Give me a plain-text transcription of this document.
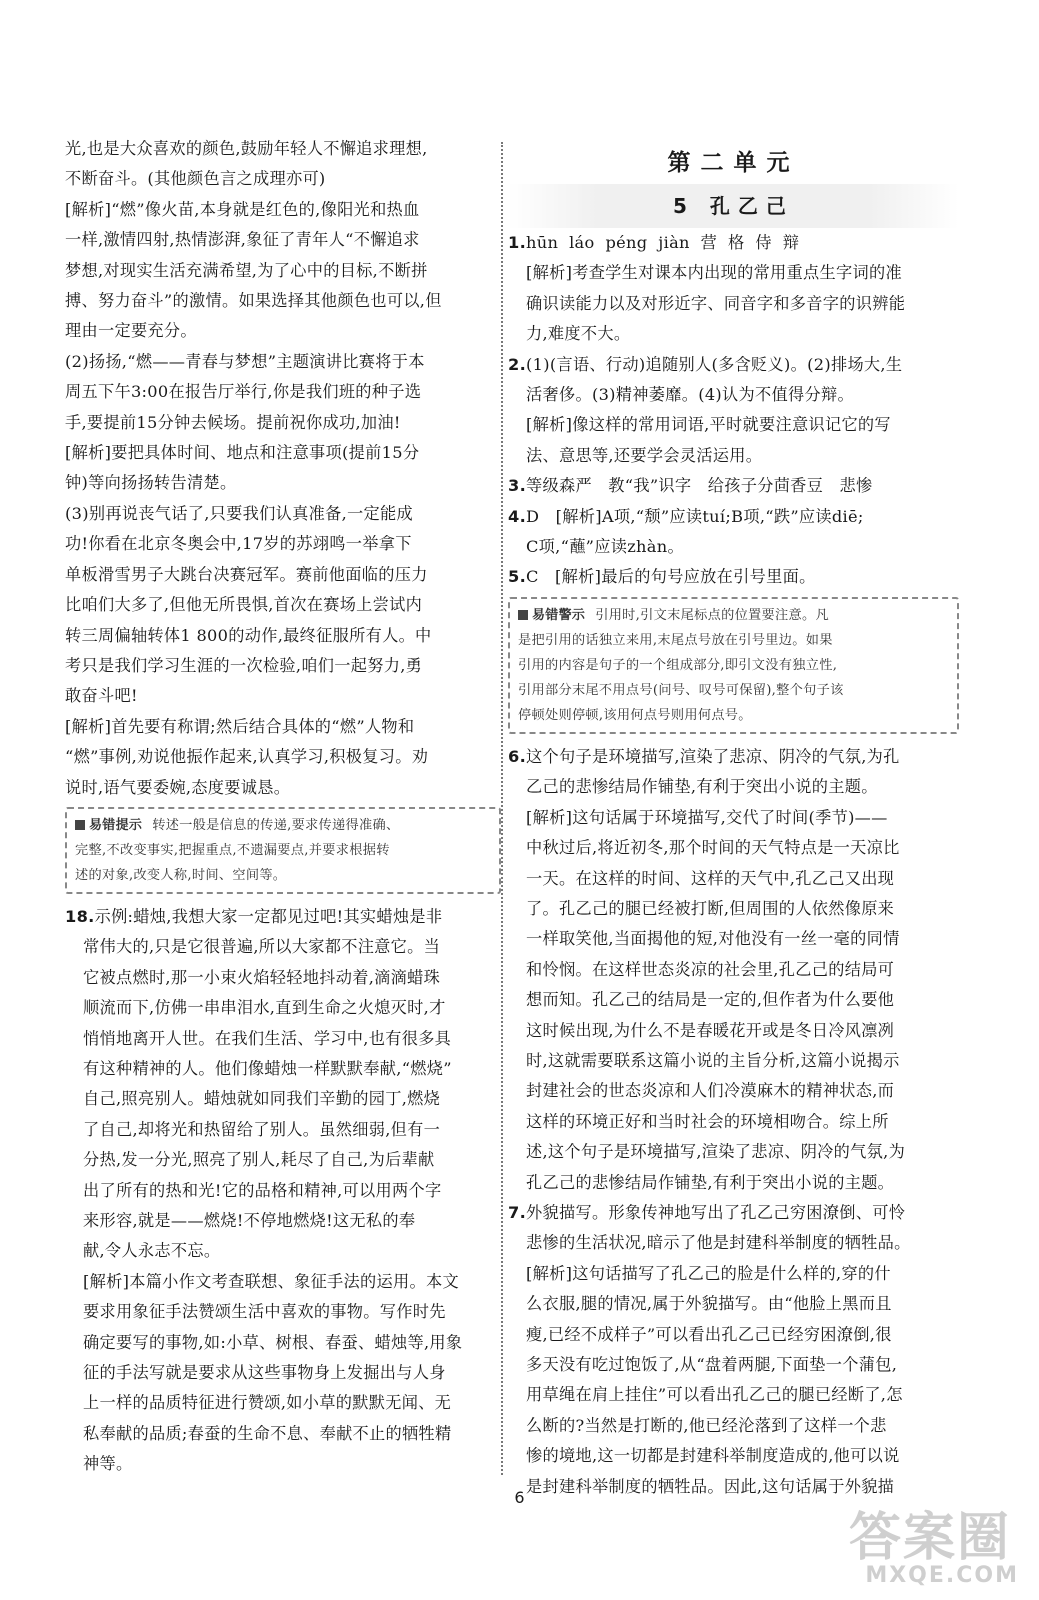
光,也是大众喜欢的颜色,鼓励年轻人不懈追求理想,

不断奋斗。(其他颜色言之成理亦可)

[解析]“燃”像火苗,本身就是红色的,像阳光和热血

一样,激情四射,热情澎湃,象征了青年人“不懈追求

梦想,对现实生活充满希望,为了心中的目标,不断拼

搏、努力奋斗”的激情。如果选择其他颜色也可以,但

理由一定要充分。

(2)扬扬,“燃——青春与梦想”主题演讲比赛将于本

周五下午3:00在报告厅举行,你是我们班的种子选

手,要提前15分钟去候场。提前祝你成功,加油!

[解析]要把具体时间、地点和注意事项(提前15分

钟)等向扬扬转告清楚。

(3)别再说丧气话了,只要我们认真准备,一定能成

功!你看在北京冬奥会中,17岁的苏翊鸣一举拿下

单板滑雪男子大跳台决赛冠军。赛前他面临的压力

比咱们大多了,但他无所畏惧,首次在赛场上尝试内

转三周偏轴转体1 800的动作,最终征服所有人。中

考只是我们学习生涯的一次检验,咱们一起努力,勇

敢奋斗吧!

[解析]首先要有称谓;然后结合具体的“燃”人物和

“燃”事例,劝说他振作起来,认真学习,积极复习。劝

说时,语气要委婉,态度要诚恳。

易错提示 转述一般是信息的传递,要求传递得准确、
完整,不改变事实,把握重点,不遗漏要点,并要求根据转
述的对象,改变人称,时间、空间等。

18.示例:蜡烛,我想大家一定都见过吧!其实蜡烛是非

常伟大的,只是它很普遍,所以大家都不注意它。当

它被点燃时,那一小束火焰轻轻地抖动着,滴滴蜡珠

顺流而下,仿佛一串串泪水,直到生命之火熄灭时,才

悄悄地离开人世。在我们生活、学习中,也有很多具

有这种精神的人。他们像蜡烛一样默默奉献,“燃烧”

自己,照亮别人。蜡烛就如同我们辛勤的园丁,燃烧

了自己,却将光和热留给了别人。虽然细弱,但有一

分热,发一分光,照亮了别人,耗尽了自己,为后辈献

出了所有的热和光!它的品格和精神,可以用两个字

来形容,就是——燃烧!不停地燃烧!这无私的奉

献,令人永志不忘。

[解析]本篇小作文考查联想、象征手法的运用。本文

要求用象征手法赞颂生活中喜欢的事物。写作时先

确定要写的事物,如:小草、树根、春蚕、蜡烛等,用象

征的手法写就是要求从这些事物身上发掘出与人身

上一样的品质特征进行赞颂,如小草的默默无闻、无

私奉献的品质;春蚕的生命不息、奉献不止的牺牲精

神等。

第二单元
5 孔乙己

1.hūn  láo  péng  jiàn  营  格  侍  辩

[解析]考查学生对课本内出现的常用重点生字词的准

确识读能力以及对形近字、同音字和多音字的识辨能

力,难度不大。

2.(1)(言语、行动)追随别人(多含贬义)。(2)排场大,生

活奢侈。(3)精神萎靡。(4)认为不值得分辩。

[解析]像这样的常用词语,平时就要注意识记它的写

法、意思等,还要学会灵活运用。

3.等级森严   教“我”识字   给孩子分茴香豆   悲惨

4.D   [解析]A项,“颓”应读tuí;B项,“跌”应读diē;

C项,“蘸”应读zhàn。

5.C   [解析]最后的句号应放在引号里面。

易错警示 引用时,引文末尾标点的位置要注意。凡
是把引用的话独立来用,末尾点号放在引号里边。如果
引用的内容是句子的一个组成部分,即引文没有独立性,
引用部分末尾不用点号(问号、叹号可保留),整个句子该
停顿处则停顿,该用何点号则用何点号。

6.这个句子是环境描写,渲染了悲凉、阴冷的气氛,为孔

乙己的悲惨结局作铺垫,有利于突出小说的主题。

[解析]这句话属于环境描写,交代了时间(季节)——

中秋过后,将近初冬,那个时间的天气特点是一天凉比

一天。在这样的时间、这样的天气中,孔乙己又出现

了。孔乙己的腿已经被打断,但周围的人依然像原来

一样取笑他,当面揭他的短,对他没有一丝一毫的同情

和怜悯。在这样世态炎凉的社会里,孔乙己的结局可

想而知。孔乙己的结局是一定的,但作者为什么要他

这时候出现,为什么不是春暖花开或是冬日冷风凛冽

时,这就需要联系这篇小说的主旨分析,这篇小说揭示

封建社会的世态炎凉和人们冷漠麻木的精神状态,而

这样的环境正好和当时社会的环境相吻合。综上所

述,这个句子是环境描写,渲染了悲凉、阴冷的气氛,为

孔乙己的悲惨结局作铺垫,有利于突出小说的主题。

7.外貌描写。形象传神地写出了孔乙己穷困潦倒、可怜

悲惨的生活状况,暗示了他是封建科举制度的牺牲品。

[解析]这句话描写了孔乙己的脸是什么样的,穿的什

么衣服,腿的情况,属于外貌描写。由“他脸上黑而且

瘦,已经不成样子”可以看出孔乙己已经穷困潦倒,很

多天没有吃过饱饭了,从“盘着两腿,下面垫一个蒲包,

用草绳在肩上挂住”可以看出孔乙己的腿已经断了,怎

么断的?当然是打断的,他已经沦落到了这样一个悲

惨的境地,这一切都是封建科举制度造成的,他可以说

是封建科举制度的牺牲品。因此,这句话属于外貌描

6
答案圈
MXQE.COM
